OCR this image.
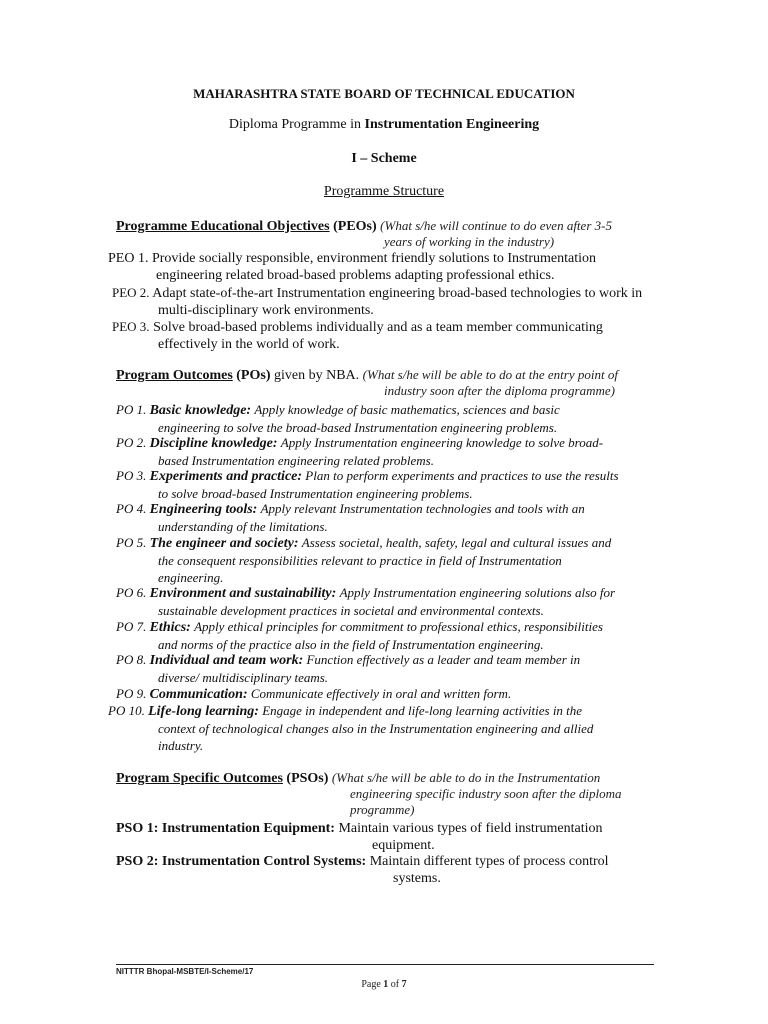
MAHARASHTRA STATE BOARD OF TECHNICAL EDUCATION
Diploma Programme in Instrumentation Engineering
I – Scheme
Programme Structure
Programme Educational Objectives (PEOs) (What s/he will continue to do even after 3-5
years of working in the industry)
PEO 1. Provide socially responsible, environment friendly solutions to Instrumentation
engineering related broad-based problems adapting professional ethics.
PEO 2. Adapt state-of-the-art Instrumentation engineering broad-based technologies to work in
multi-disciplinary work environments.
PEO 3. Solve broad-based problems individually and as a team member communicating
effectively in the world of work.
Program Outcomes (POs) given by NBA. (What s/he will be able to do at the entry point of
industry soon after the diploma programme)
PO 1. Basic knowledge: Apply knowledge of basic mathematics, sciences and basic
engineering to solve the broad-based Instrumentation engineering problems.
PO 2. Discipline knowledge: Apply Instrumentation engineering knowledge to solve broad-
based Instrumentation engineering related problems.
PO 3. Experiments and practice: Plan to perform experiments and practices to use the results
to solve broad-based Instrumentation engineering problems.
PO 4. Engineering tools: Apply relevant Instrumentation technologies and tools with an
understanding of the limitations.
PO 5. The engineer and society: Assess societal, health, safety, legal and cultural issues and
the consequent responsibilities relevant to practice in field of Instrumentation
engineering.
PO 6. Environment and sustainability: Apply Instrumentation engineering solutions also for
sustainable development practices in societal and environmental contexts.
PO 7. Ethics: Apply ethical principles for commitment to professional ethics, responsibilities
and norms of the practice also in the field of Instrumentation engineering.
PO 8. Individual and team work: Function effectively as a leader and team member in
diverse/ multidisciplinary teams.
PO 9. Communication: Communicate effectively in oral and written form.
PO 10. Life-long learning: Engage in independent and life-long learning activities in the
context of technological changes also in the Instrumentation engineering and allied
industry.
Program Specific Outcomes (PSOs) (What s/he will be able to do in the Instrumentation
engineering specific industry soon after the diploma
programme)
PSO 1: Instrumentation Equipment: Maintain various types of field instrumentation
equipment.
PSO 2: Instrumentation Control Systems: Maintain different types of process control
systems.
NITTTR Bhopal-MSBTE/I-Scheme/17
Page 1 of 7
